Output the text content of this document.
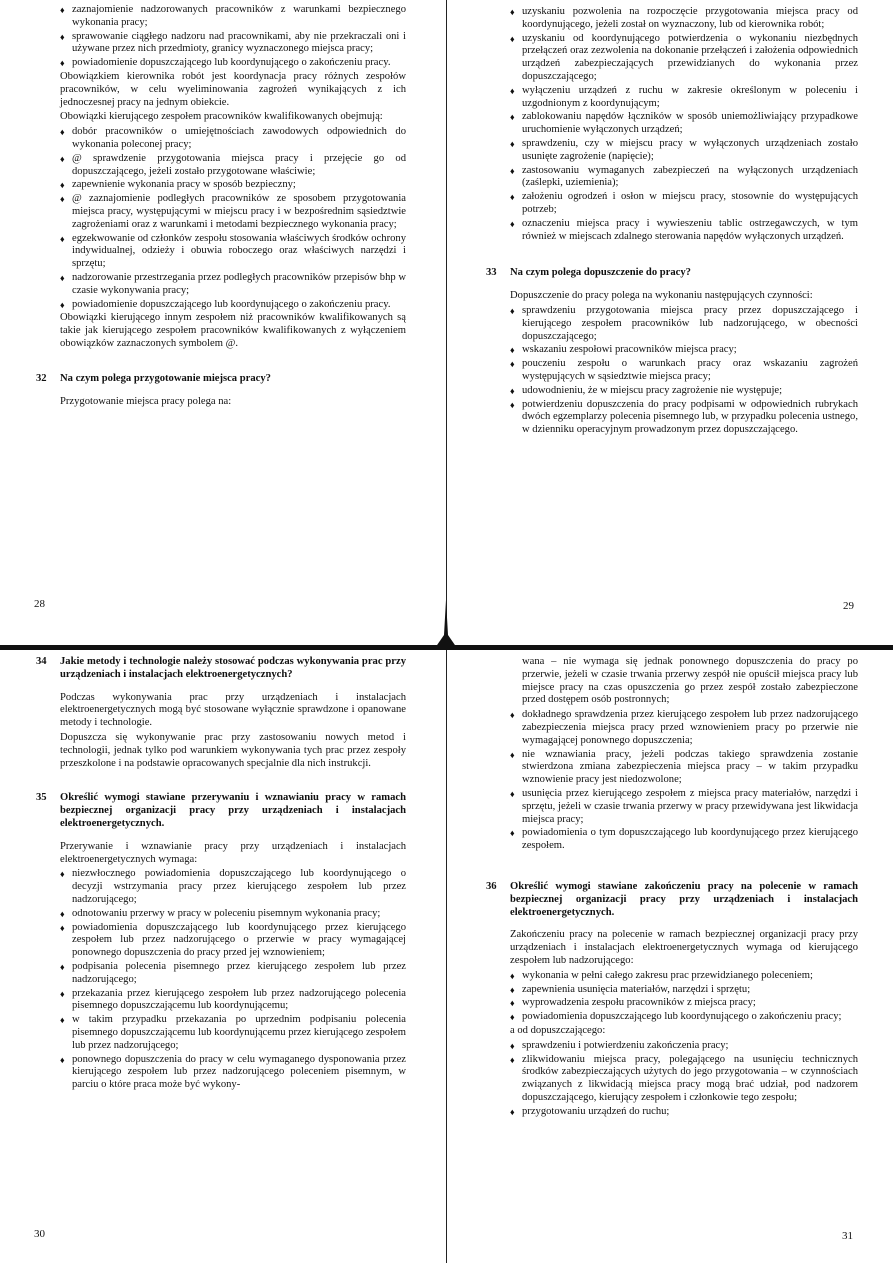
♦ zaznajomienie nadzorowanych pracowników z warunkami bezpiecznego wykonania pracy;
♦ sprawowanie ciągłego nadzoru nad pracownikami, aby nie przekraczali oni i używane przez nich przedmioty, granicy wyznaczonego miejsca pracy;
♦ powiadomienie dopuszczającego lub koordynującego o zakończeniu pracy.

Obowiązkiem kierownika robót jest koordynacja pracy różnych zespołów pracowników, w celu wyeliminowania zagrożeń wynikających z ich jednoczesnej pracy na jednym obiekcie.

Obowiązki kierującego zespołem pracowników kwalifikowanych obejmują:

♦ dobór pracowników o umiejętnościach zawodowych odpowiednich do wykonania poleconej pracy;
♦ @ sprawdzenie przygotowania miejsca pracy i przejęcie go od dopuszczającego, jeżeli zostało przygotowane właściwie;
♦ zapewnienie wykonania pracy w sposób bezpieczny;
♦ @ zaznajomienie podległych pracowników ze sposobem przygotowania miejsca pracy, występującymi w miejscu pracy i w bezpośrednim sąsiedztwie zagrożeniami oraz z warunkami i metodami bezpiecznego wykonania pracy;
♦ egzekwowanie od członków zespołu stosowania właściwych środków ochrony indywidualnej, odzieży i obuwia roboczego oraz właściwych narzędzi i sprzętu;
♦ nadzorowanie przestrzegania przez podległych pracowników przepisów bhp w czasie wykonywania pracy;
♦ powiadomienie dopuszczającego lub koordynującego o zakończeniu pracy.

Obowiązki kierującego innym zespołem niż pracowników kwalifikowanych są takie jak kierującego zespołem pracowników kwalifikowanych z wyłączeniem obowiązków zaznaczonych symbolem @.

32	Na czym polega przygotowanie miejsca pracy?

Przygotowanie miejsca pracy polega na:

28
♦ uzyskaniu pozwolenia na rozpoczęcie przygotowania miejsca pracy od koordynującego, jeżeli został on wyznaczony, lub od kierownika robót;
♦ uzyskaniu od koordynującego potwierdzenia o wykonaniu niezbędnych przełączeń oraz zezwolenia na dokonanie przełączeń i założenia odpowiednich urządzeń zabezpieczających przewidzianych do wykonania przez dopuszczającego;
♦ wyłączeniu urządzeń z ruchu w zakresie określonym w poleceniu i uzgodnionym z koordynującym;
♦ zablokowaniu napędów łączników w sposób uniemożliwiający przypadkowe uruchomienie wyłączonych urządzeń;
♦ sprawdzeniu, czy w miejscu pracy w wyłączonych urządzeniach zostało usunięte zagrożenie (napięcie);
♦ zastosowaniu wymaganych zabezpieczeń na wyłączonych urządzeniach (zaślepki, uziemienia);
♦ założeniu ogrodzeń i osłon w miejscu pracy, stosownie do występujących potrzeb;
♦ oznaczeniu miejsca pracy i wywieszeniu tablic ostrzegawczych, w tym również w miejscach zdalnego sterowania napędów wyłączonych urządzeń.
33	Na czym polega dopuszczenie do pracy?

Dopuszczenie do pracy polega na wykonaniu następujących czynności:

♦ sprawdzeniu przygotowania miejsca pracy przez dopuszczającego i kierującego zespołem pracowników lub nadzorującego, w obecności dopuszczającego;
♦ wskazaniu zespołowi pracowników miejsca pracy;
♦ pouczeniu zespołu o warunkach pracy oraz wskazaniu zagrożeń występujących w sąsiedztwie miejsca pracy;
♦ udowodnieniu, że w miejscu pracy zagrożenie nie występuje;
♦ potwierdzeniu dopuszczenia do pracy podpisami w odpowiednich rubrykach dwóch egzemplarzy polecenia pisemnego lub, w przypadku polecenia ustnego, w dzienniku operacyjnym prowadzonym przez dopuszczającego.
29
34	Jakie metody i technologie należy stosować podczas wykonywania prac przy urządzeniach i instalacjach elektroenergetycznych?

Podczas wykonywania prac przy urządzeniach i instalacjach elektroenergetycznych mogą być stosowane wyłącznie sprawdzone i opanowane metody i technologie.

Dopuszcza się wykonywanie prac przy zastosowaniu nowych metod i technologii, jednak tylko pod warunkiem wykonywania tych prac przez zespoły przeszkolone i na podstawie opracowanych specjalnie dla nich instrukcji.

35	Określić wymogi stawiane przerywaniu i wznawianiu pracy w ramach bezpiecznej organizacji pracy przy urządzeniach i instalacjach elektroenergetycznych.

Przerywanie i wznawianie pracy przy urządzeniach i instalacjach elektroenergetycznych wymaga:

♦ niezwłocznego powiadomienia dopuszczającego lub koordynującego o decyzji wstrzymania pracy przez kierującego zespołem lub przez nadzorującego;
♦ odnotowaniu przerwy w pracy w poleceniu pisemnym wykonania pracy;
♦ powiadomienia dopuszczającego lub koordynującego przez kierującego zespołem lub przez nadzorującego o przerwie w pracy wymagającej ponownego dopuszczenia do pracy przed jej wznowieniem;
♦ podpisania polecenia pisemnego przez kierującego zespołem lub przez nadzorującego;
♦ przekazania przez kierującego zespołem lub przez nadzorującego polecenia pisemnego dopuszczającemu lub koordynującemu;
♦ w takim przypadku przekazania po uprzednim podpisaniu polecenia pisemnego dopuszczającemu lub koordynującemu przez kierującego zespołem lub przez nadzorującego;
♦ ponownego dopuszczenia do pracy w celu wymaganego dysponowania przez kierującego zespołem lub przez nadzorującego poleceniem pisemnym, w parciu o które praca może być wykony-
30

wana – nie wymaga się jednak ponownego dopuszczenia do pracy po przerwie, jeżeli w czasie trwania przerwy zespół nie opuścił miejsca pracy lub miejsce pracy na czas opuszczenia go przez zespół zostało zabezpieczone przed dostępem osób postronnych;

♦ dokładnego sprawdzenia przez kierującego zespołem lub przez nadzorującego zabezpieczenia miejsca pracy przed wznowieniem pracy po przerwie nie wymagającej ponownego dopuszczenia;
♦ nie wznawiania pracy, jeżeli podczas takiego sprawdzenia zostanie stwierdzona zmiana zabezpieczenia miejsca pracy – w takim przypadku wznowienie pracy jest niedozwolone;
♦ usunięcia przez kierującego zespołem z miejsca pracy materiałów, narzędzi i sprzętu, jeżeli w czasie trwania przerwy w pracy przewidywana jest likwidacja miejsca pracy;
♦ powiadomienia o tym dopuszczającego lub koordynującego przez kierującego zespołem.
36	Określić wymogi stawiane zakończeniu pracy na polecenie w ramach bezpiecznej organizacji pracy przy urządzeniach i instalacjach elektroenergetycznych.

Zakończeniu pracy na polecenie w ramach bezpiecznej organizacji pracy przy urządzeniach i instalacjach elektroenergetycznych wymaga od kierującego zespołem lub nadzorującego:

♦ wykonania w pełni całego zakresu prac przewidzianego poleceniem;
♦ zapewnienia usunięcia materiałów, narzędzi i sprzętu;
♦ wyprowadzenia zespołu pracowników z miejsca pracy;
♦ powiadomienia dopuszczającego lub koordynującego o zakończeniu pracy;

a od dopuszczającego:

♦ sprawdzeniu i potwierdzeniu zakończenia pracy;
♦ zlikwidowaniu miejsca pracy, polegającego na usunięciu technicznych środków zabezpieczających użytych do jego przygotowania – w czynnościach związanych z likwidacją miejsca pracy mogą brać udział, pod nadzorem dopuszczającego, kierujący zespołem i członkowie tego zespołu;
♦ przygotowaniu urządzeń do ruchu;
31
